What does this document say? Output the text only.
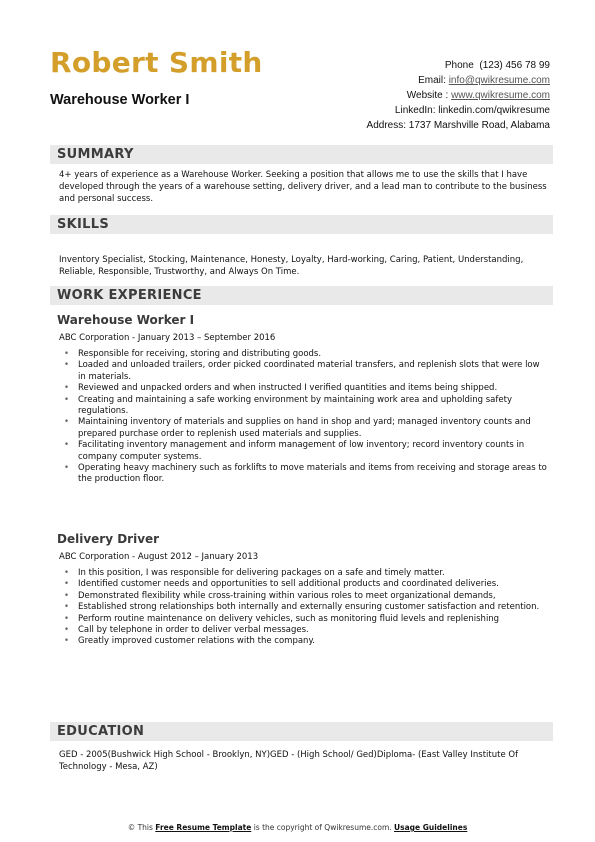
Robert Smith
Warehouse Worker I
Phone (123) 456 78 99
Email: info@qwikresume.com
Website : www.qwikresume.com
LinkedIn: linkedin.com/qwikresume
Address: 1737 Marshville Road, Alabama
SUMMARY

4+ years of experience as a Warehouse Worker. Seeking a position that allows me to use the skills that I have developed through the years of a warehouse setting, delivery driver, and a lead man to contribute to the business and personal success.

SKILLS

Inventory Specialist, Stocking, Maintenance, Honesty, Loyalty, Hard-working, Caring, Patient, Understanding, Reliable, Responsible, Trustworthy, and Always On Time.

WORK EXPERIENCE
Warehouse Worker I
ABC Corporation - January 2013 – September 2016
• Responsible for receiving, storing and distributing goods.
• Loaded and unloaded trailers, order picked coordinated material transfers, and replenish slots that were low in materials.
• Reviewed and unpacked orders and when instructed I verified quantities and items being shipped.
• Creating and maintaining a safe working environment by maintaining work area and upholding safety regulations.
• Maintaining inventory of materials and supplies on hand in shop and yard; managed inventory counts and prepared purchase order to replenish used materials and supplies.
• Facilitating inventory management and inform management of low inventory; record inventory counts in company computer systems.
• Operating heavy machinery such as forklifts to move materials and items from receiving and storage areas to the production floor.
Delivery Driver
ABC Corporation - August 2012 – January 2013
• In this position, I was responsible for delivering packages on a safe and timely matter.
• Identified customer needs and opportunities to sell additional products and coordinated deliveries.
• Demonstrated flexibility while cross-training within various roles to meet organizational demands,
• Established strong relationships both internally and externally ensuring customer satisfaction and retention.
• Perform routine maintenance on delivery vehicles, such as monitoring fluid levels and replenishing
• Call by telephone in order to deliver verbal messages.
• Greatly improved customer relations with the company.
EDUCATION

GED - 2005(Bushwick High School - Brooklyn, NY)GED - (High School/ Ged)Diploma- (East Valley Institute Of Technology - Mesa, AZ)

© This Free Resume Template is the copyright of Qwikresume.com. Usage Guidelines
